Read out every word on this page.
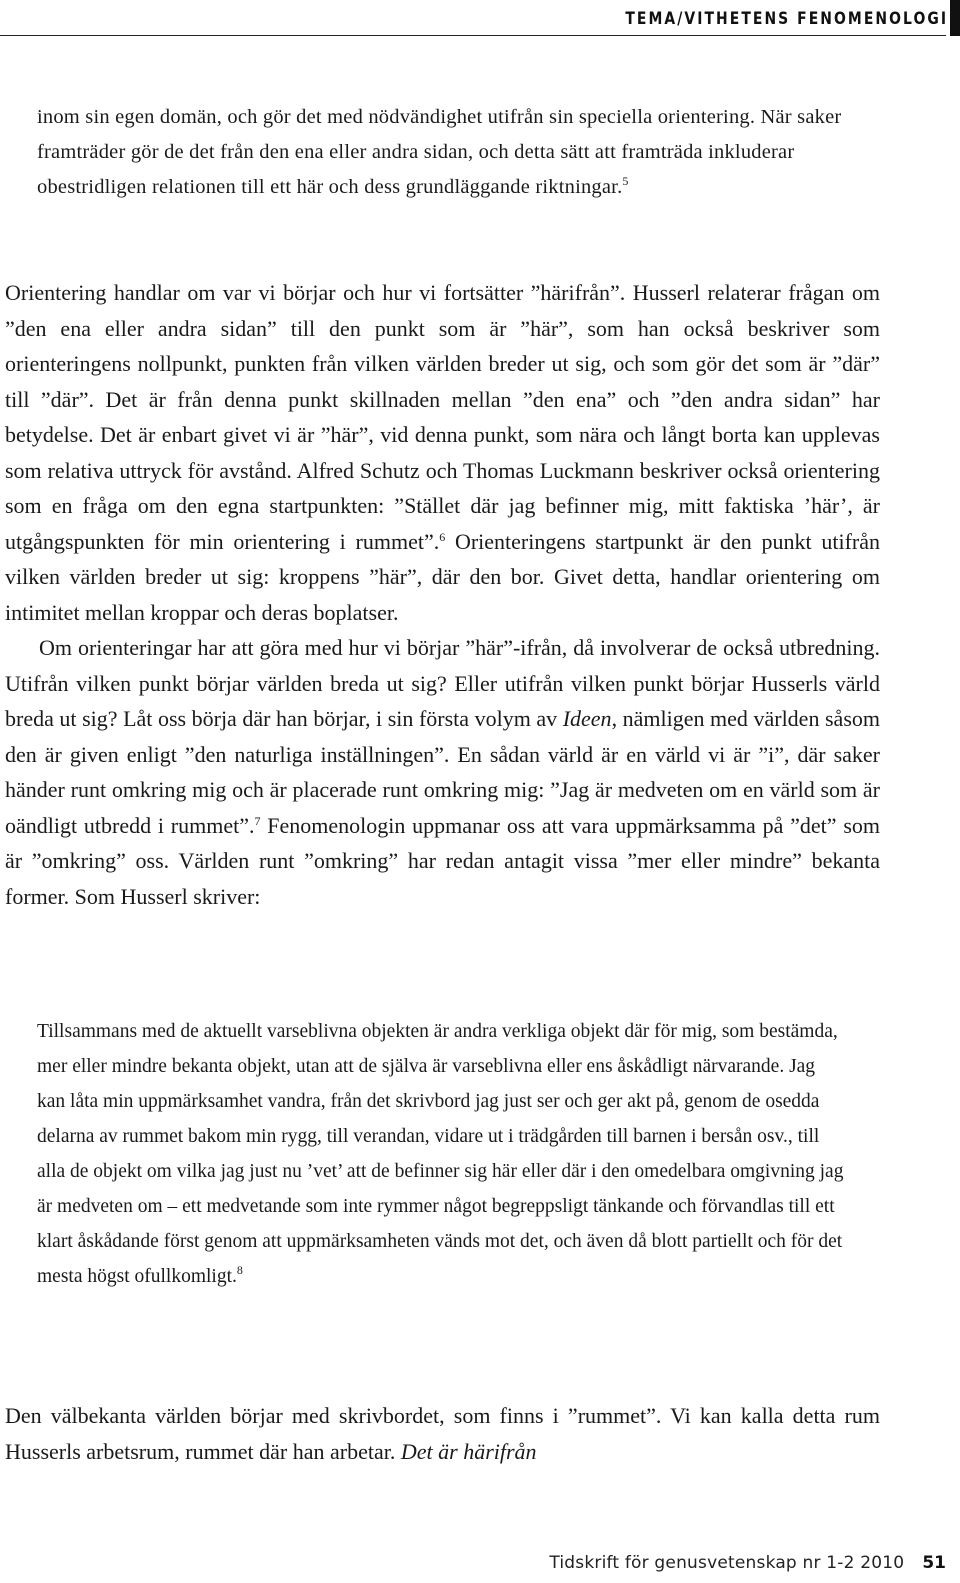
TEMA/VITHETENS FENOMENOLOGI

inom sin egen domän, och gör det med nödvändighet utifrån sin speciella orientering. När saker framträder gör de det från den ena eller andra sidan, och detta sätt att framträda inkluderar obestridligen relationen till ett här och dess grundläggande riktningar.$^5$

Orientering handlar om var vi börjar och hur vi fortsätter ”härifrån”. Husserl relaterar frågan om ”den ena eller andra sidan” till den punkt som är ”här”, som han också beskriver som orienteringens nollpunkt, punkten från vilken världen breder ut sig, och som gör det som är ”där” till ”där”. Det är från denna punkt skillnaden mellan ”den ena” och ”den andra sidan” har betydelse. Det är enbart givet vi är ”här”, vid denna punkt, som nära och långt borta kan upplevas som relativa uttryck för avstånd. Alfred Schutz och Thomas Luckmann beskriver också orientering som en fråga om den egna startpunkten: ”Stället där jag befinner mig, mitt faktiska ’här’, är utgångspunkten för min orientering i rummet”.$^6$ Orienteringens startpunkt är den punkt utifrån vilken världen breder ut sig: kroppens ”här”, där den bor. Givet detta, handlar orientering om intimitet mellan kroppar och deras boplatser.

Om orienteringar har att göra med hur vi börjar ”här”-ifrån, då involverar de också utbredning. Utifrån vilken punkt börjar världen breda ut sig? Eller utifrån vilken punkt börjar Husserls värld breda ut sig? Låt oss börja där han börjar, i sin första volym av Ideen, nämligen med världen såsom den är given enligt ”den naturliga inställningen”. En sådan värld är en värld vi är ”i”, där saker händer runt omkring mig och är placerade runt omkring mig: ”Jag är medveten om en värld som är oändligt utbredd i rummet”.$^7$ Fenomenologin uppmanar oss att vara uppmärksamma på ”det” som är ”omkring” oss. Världen runt ”omkring” har redan antagit vissa ”mer eller mindre” bekanta former. Som Husserl skriver:

Tillsammans med de aktuellt varseblivna objekten är andra verkliga objekt där för mig, som bestämda, mer eller mindre bekanta objekt, utan att de själva är varseblivna eller ens åskådligt närvarande. Jag kan låta min uppmärksamhet vandra, från det skrivbord jag just ser och ger akt på, genom de osedda delarna av rummet bakom min rygg, till verandan, vidare ut i trädgården till barnen i bersån osv., till alla de objekt om vilka jag just nu ’vet’ att de befinner sig här eller där i den omedelbara omgivning jag är medveten om – ett medvetande som inte rymmer något begreppsligt tänkande och förvandlas till ett klart åskådande först genom att uppmärksamheten vänds mot det, och även då blott partiellt och för det mesta högst ofullkomligt.$^8$

Den välbekanta världen börjar med skrivbordet, som finns i ”rummet”. Vi kan kalla detta rum Husserls arbetsrum, rummet där han arbetar. Det är härifrån

Tidskrift för genusvetenskap nr 1-2 2010 51
